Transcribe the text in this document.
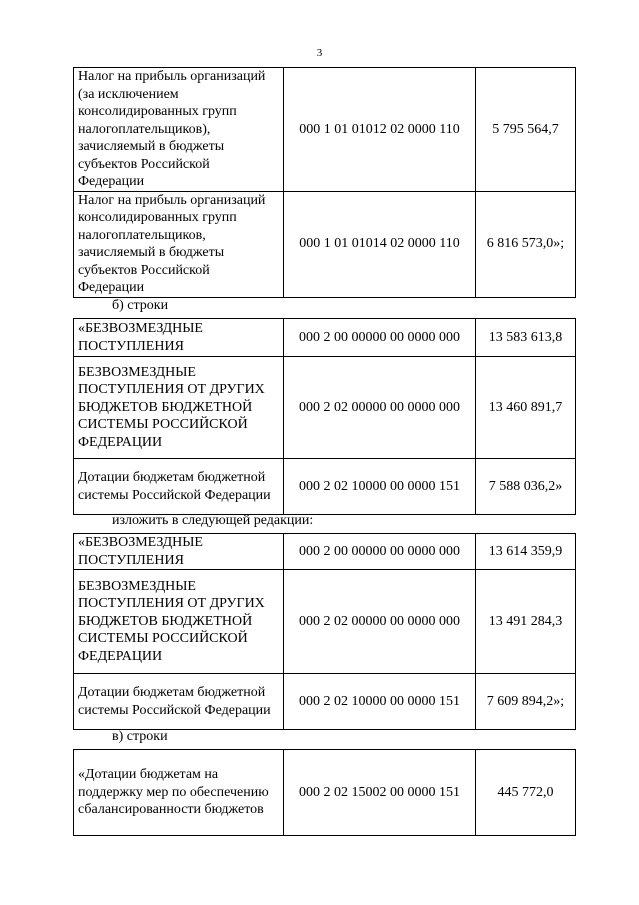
3
Налог на прибыль организаций (за исключением консолидированных групп налогоплательщиков), зачисляемый в бюджеты субъектов Российской Федерации	000 1 01 01012 02 0000 110	5 795 564,7
Налог на прибыль организаций консолидированных групп налогоплательщиков, зачисляемый в бюджеты субъектов Российской Федерации	000 1 01 01014 02 0000 110	6 816 573,0»;
б) строки
«БЕЗВОЗМЕЗДНЫЕ ПОСТУПЛЕНИЯ	000 2 00 00000 00 0000 000	13 583 613,8
БЕЗВОЗМЕЗДНЫЕ ПОСТУПЛЕНИЯ ОТ ДРУГИХ БЮДЖЕТОВ БЮДЖЕТНОЙ СИСТЕМЫ РОССИЙСКОЙ ФЕДЕРАЦИИ	000 2 02 00000 00 0000 000	13 460 891,7
Дотации бюджетам бюджетной системы Российской Федерации	000 2 02 10000 00 0000 151	7 588 036,2»
изложить в следующей редакции:
«БЕЗВОЗМЕЗДНЫЕ ПОСТУПЛЕНИЯ	000 2 00 00000 00 0000 000	13 614 359,9
БЕЗВОЗМЕЗДНЫЕ ПОСТУПЛЕНИЯ ОТ ДРУГИХ БЮДЖЕТОВ БЮДЖЕТНОЙ СИСТЕМЫ РОССИЙСКОЙ ФЕДЕРАЦИИ	000 2 02 00000 00 0000 000	13 491 284,3
Дотации бюджетам бюджетной системы Российской Федерации	000 2 02 10000 00 0000 151	7 609 894,2»;
в) строки
«Дотации бюджетам на поддержку мер по обеспечению сбалансированности бюджетов	000 2 02 15002 00 0000 151	445 772,0
